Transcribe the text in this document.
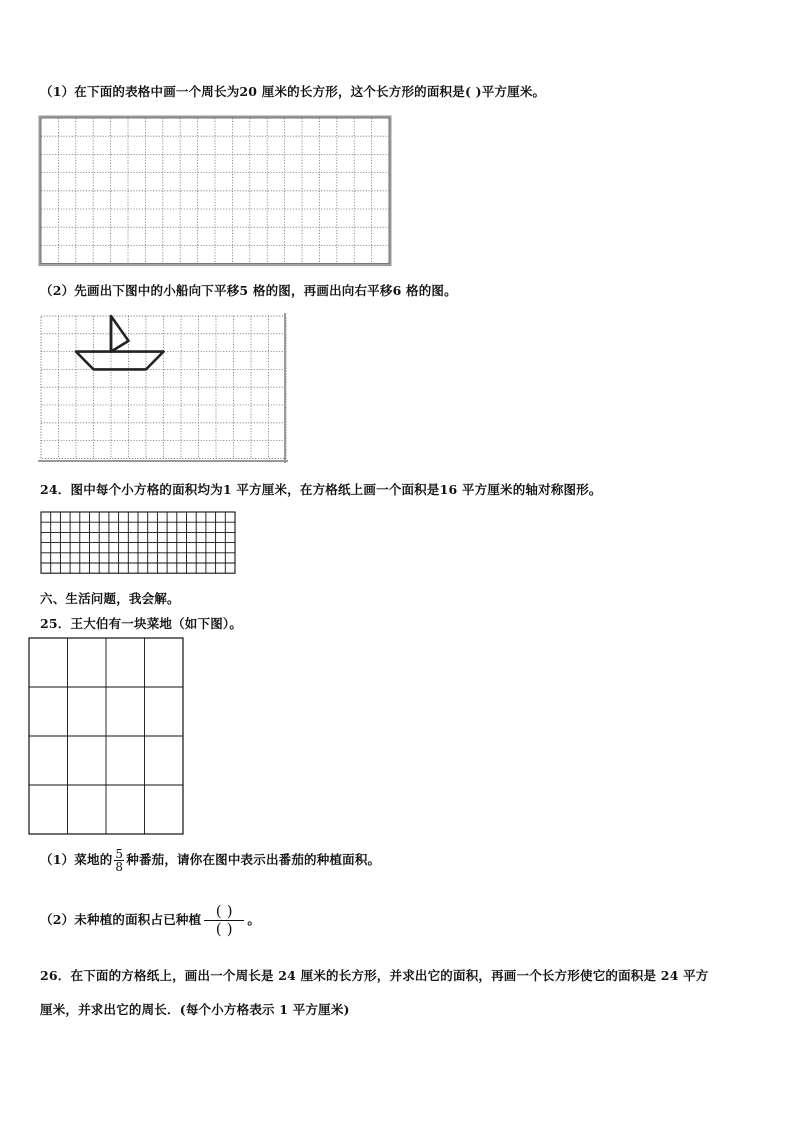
（1）在下面的表格中画一个周长为20 厘米的长方形，这个长方形的面积是( )平方厘米。
（2）先画出下图中的小船向下平移5 格的图，再画出向右平移6 格的图。
24．图中每个小方格的面积均为1 平方厘米，在方格纸上画一个面积是16 平方厘米的轴对称图形。
六、生活问题，我会解。
25．王大伯有一块菜地（如下图）。
（1）菜地的 $\frac{5}{8}$ 种番茄，请你在图中表示出番茄的种植面积。
（2）未种植的面积占已种植 $\frac{( )}{( )}$ 。
26．在下面的方格纸上，画出一个周长是 24 厘米的长方形，并求出它的面积，再画一个长方形使它的面积是 24 平方
厘米，并求出它的周长．(每个小方格表示 1 平方厘米)
